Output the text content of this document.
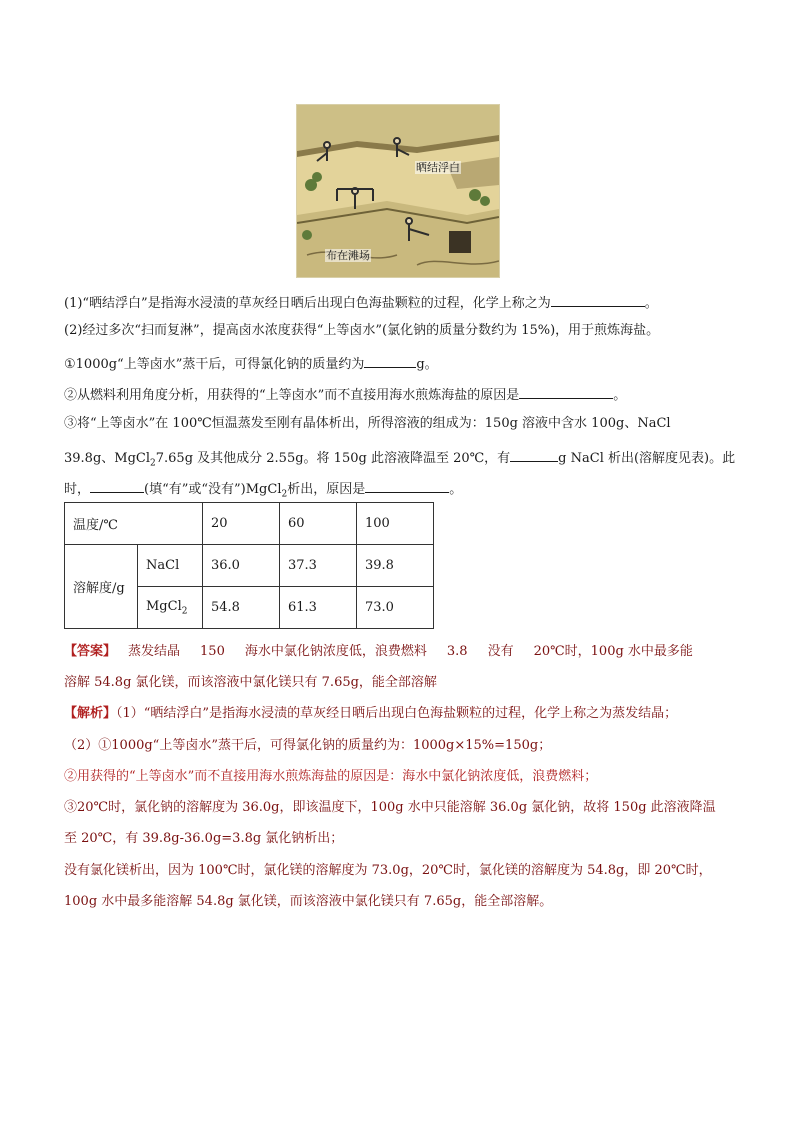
晒结浮白
布在滩场
(1)“晒结浮白”是指海水浸渍的草灰经日晒后出现白色海盐颗粒的过程，化学上称之为	。
(2)经过多次“扫而复淋”，提高卤水浓度获得“上等卤水”(氯化钠的质量分数约为 15%)，用于煎炼海盐。
①1000g“上等卤水”蒸干后，可得氯化钠的质量约为	g。
②从燃料利用角度分析，用获得的“上等卤水”而不直接用海水煎炼海盐的原因是	。
③将“上等卤水”在 100℃恒温蒸发至刚有晶体析出，所得溶液的组成为：150g 溶液中含水 100g、NaCl
39.8g、MgCl$_2$7.65g 及其他成分 2.55g。将 150g 此溶液降温至 20℃，有	g NaCl 析出(溶解度见表)。此
时，	(填“有”或“没有”)MgCl$_2$析出，原因是	。
温度/℃		20	60	100
溶解度/g	NaCl	36.0	37.3	39.8
	MgCl$_2$	54.8	61.3	73.0
【答案】 蒸发结晶 150 海水中氯化钠浓度低，浪费燃料 3.8 没有 20℃时，100g 水中最多能
溶解 54.8g 氯化镁，而该溶液中氯化镁只有 7.65g，能全部溶解
【解析】（1）“晒结浮白”是指海水浸渍的草灰经日晒后出现白色海盐颗粒的过程，化学上称之为蒸发结晶；
（2）①1000g“上等卤水”蒸干后，可得氯化钠的质量约为：1000g×15%=150g；
②用获得的“上等卤水”而不直接用海水煎炼海盐的原因是：海水中氯化钠浓度低，浪费燃料；
③20℃时，氯化钠的溶解度为 36.0g，即该温度下，100g 水中只能溶解 36.0g 氯化钠，故将 150g 此溶液降温
至 20℃，有 39.8g-36.0g=3.8g 氯化钠析出；
没有氯化镁析出，因为 100℃时，氯化镁的溶解度为 73.0g，20℃时，氯化镁的溶解度为 54.8g，即 20℃时，
100g 水中最多能溶解 54.8g 氯化镁，而该溶液中氯化镁只有 7.65g，能全部溶解。
